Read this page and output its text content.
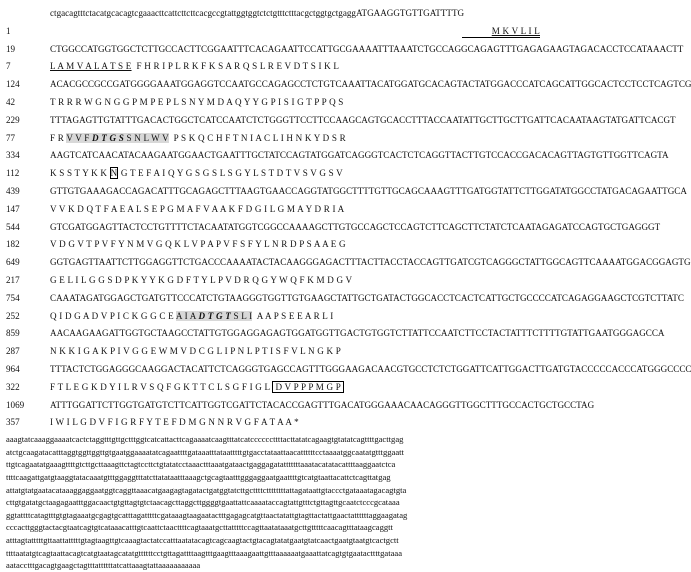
ctgacagtttctacatgcacagtcgaaacttcattcttcttcacgccgtattggtggtctctgtttctttacgctggtgctgaggATGAAGGTGTTGATTTTG
1	M K V L I L
19	CTGGCCATGGTGGCTCTTGCCACTTCGGAATTTCACAGAATTCCATTGCGAAAATTTAAATCTGCCAGGCAGAGTTTGAGAGAAGTAGACACCTCCATAAACTT
7	L A M V A L A T S E  F H R I P L R K F K S A R Q S L R E V D T S I K L
124	ACACGCCGCCGATGGGGAAATGGAGGTCCAATGCCAGAGCCTCTGTCAAATTACATGGATGCACAGTACTATGGACCCATCAGCATTGGCACTCCTCCTCAGTCG
42	T R R R W G N G G P M P E P L S N Y M D A Q Y Y G P I S I G T P P Q S
229	TTTAGAGTTGTATTTGACACTGGCTCATCCAATCTCTGGGTTCCTTCCAAGCAGTGCACCTTTACCAATATTGCTTGCTTGATTCACAATAAGTATGATTCACGT
77	F R V V F D T G S S N L W V  P S K Q C H F T N I A C L I H N K Y D S R
334	AAGTCATCAACATACAAGAATGGAACTGAATTTGCTATCCAGTATGGATCAGGGTCACTCTCAGGTTACTTGTCCACCGACACAGTTAGTGTTGGTTCAGTA
112	K S S T Y K K N G T E F A I Q Y G S G S L S G Y L S T D T V S V G S V
439	GTTGTGAAAGACCAGACATTTGCAGAGCTTTAAGTGAACCAGGTATGGCTTTTGTTGCAGCAAAGTTTGATGGTATTCTTGGATATGGCCTATGACAGAATTGCA
147	V V K D Q T F A E A L S E P G M A F V A A K F D G I L G M A Y D R I A
544	GTCGATGGAGTTACTCCTGTTTTCTACAATATGGTCGGCCAAAAGCTTGTGCCAGCTCCAGTCTTCAGCTTCTATCTCAATAGAGATCCAGTGCTGAGGGT
182	V D G V T P V F Y N M V G Q K L V P A P V F S F Y L N R D P S A A E G
649	GGTGAGTTAATTCTTGGAGGTTCTGACCCAAAATACTACAAGGGAGACTTTACTTACCTACCAGTTGATCGTCAGGGCTATTGGCAGTTCAAAATGGACGGAGTG
217	G E L I L G G S D P K Y Y K G D F T Y L P V D R Q G Y W Q F K M D G V
754	CAAATAGATGGAGCTGATGTTCCCATCTGTAAGGGTGGTTGTGAAGCTATTGCTGATACTGGCACCTCACTCATTGCTGCCCCATCAGAGGAAGCTCGTCTTATC
252	Q I D G A D V P I C K G G C E A I A D T G T S L I  A A P S E E A R L I
859	AACAAGAAGATTGGTGCTAAGCCTATTGTGGAGGAGAGTGGATGGTTGACTGTGGTCTTATTCCAATCTTCCTACTATTTCTTTTGTATTGAATGGGAGCCA
287	N K K I G A K P I V G G E W M V D C G L I P N L P T I S F V L N G K P
964	TTTACTCTGGAGGGCAAGGACTACATTCTCAGGGTGAGCCAGTTTGGGAAGACAACGTGCCTCTCTGGATTCATTGGACTTGATGTACCCCCACCCATGGGCCCC
322	F T L E G K D Y I L R V S Q F G K T T C L S G F I G L D V P P P M G P
1069	ATTTGGATTCTTGGTGATGTCTTCATTGGTCGATTCTACACCGAGTTTGACATGGGAAACAACAGGGTTGGCTTTGCCACTGCTGCCTAG
357	I W I L G D V F I G R F Y T E F D M G N N R V G F A T A A *
aaagtatcaaaggaaaatcactctaggtttgttgctttggtcatcattacttcagaaaatcaagtttatcatccccccttttacttatatcagaagtgtatatcagttttgacttgag
atctgcaagatacatttaggtggttggttgtgaatggaaaatatcagaattttgataaatttataatttttgtgacctataattaacattttttcctaaaatggcaatatgtttggaatt
ttgtcagaatatgaaagttttgtcttgcttaaagttctagtccttctgtatatcctaaactttaaatgataactgaggagatatttttttaaatacatatacattttaaggaatctca
ttttcaagattgatgtaaggtatacaaatgtttggaggtttatcttatataatttaaagctgcagtaatttgggaggaatgaattttgtcatgtaattacattctcagttatgag
attatgtatgaatacataaaggaggaatggtcaggttaaacatgaagagtagatactgatggtatcttgcttttcttttttttattagataattgtaccctgataaatagacagtgta
cttgtgatatgctaagagaatttggacaactgtgttagtgtctaacagcttaggcttggggtgaattattcaaaataccagtattgtttctgttagttgcaatctcccgcataaa
ggtattttcatagtttgtgtagaaatgcgagtgcatttagatttttcgataaagtaagaatactttgagagcatgttaactatattgtagttactattgaactattttttaggaagatag
cccacttgggtactacgtaatcagtgtcataaacatttgtcaattctaacttttcagtaaatgcttatttttccagttaatataaatgcttgtttttcaacagtttataagcaggtt
atttagtatttttgttaattatttttgtagtaagttgtcaaagtactatccatttaatatacagtcagcaagtactgtacagtatatgaatgtatcaactgaatgtaatgtcactgctt
ttttaatatgtcagtaattacagtcatgtaatagcatatgttttttcctgttagattttaagtttgaagtttaaagaattgtttaaaaaatgaaattatcagtgtgaatacttttgataaa
aatacctttgacagtgaagctagtttattttttatcattaaagtattaaaaaaaaaaa
